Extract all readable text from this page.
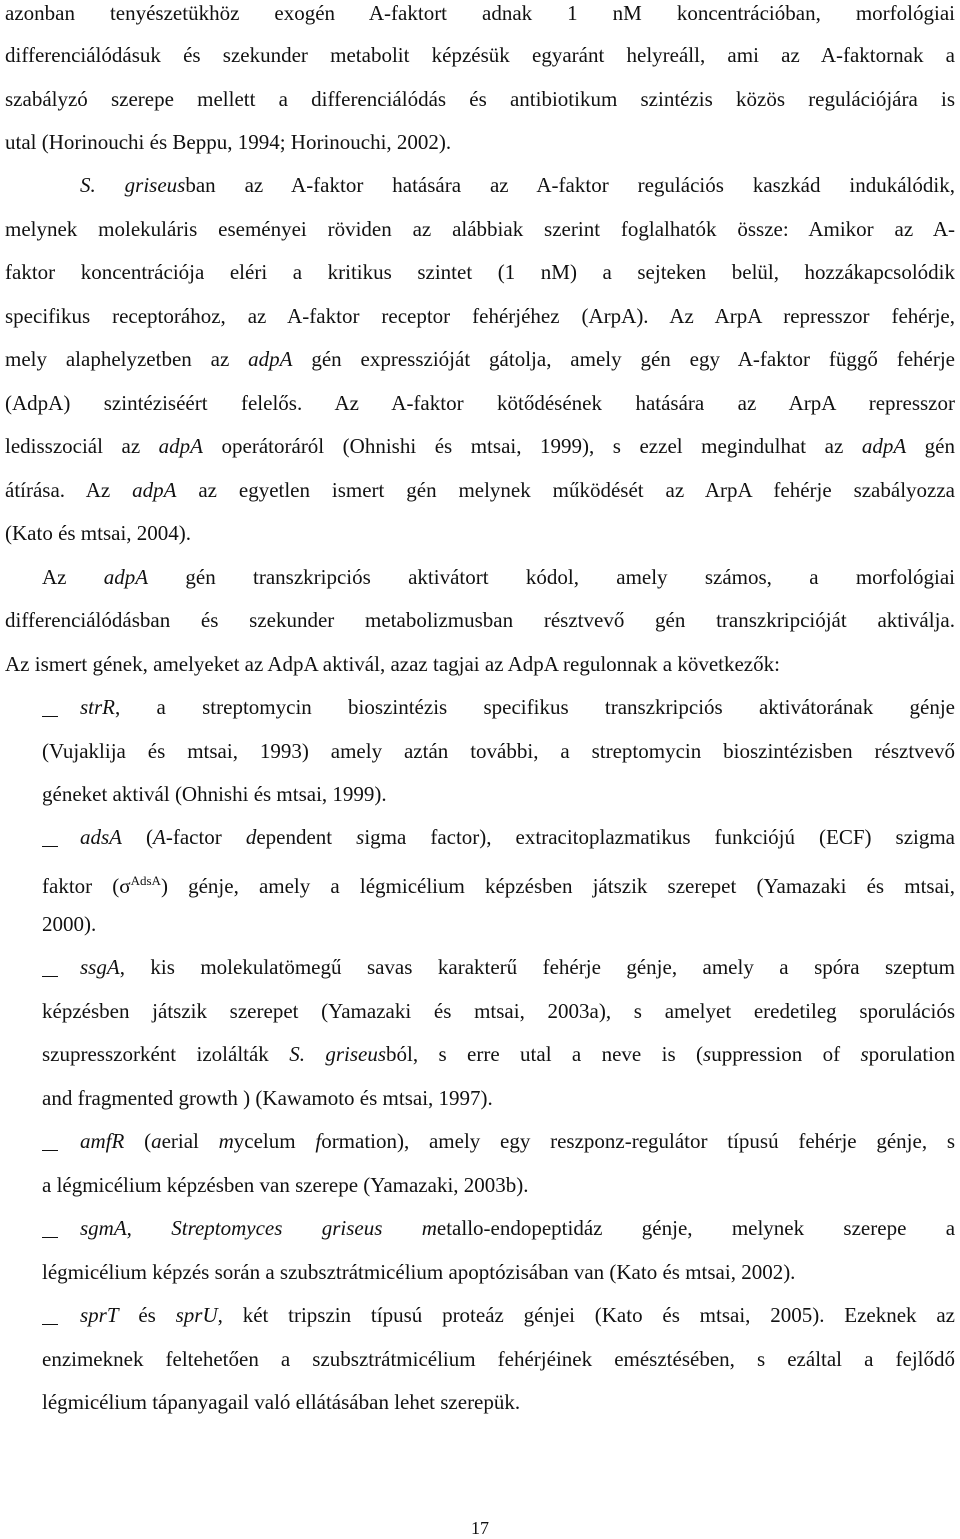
azonban tenyészetükhöz exogén A-faktort adnak 1 nM koncentrációban, morfológiai
differenciálódásuk és szekunder metabolit képzésük egyaránt helyreáll, ami az A-faktornak a
szabályzó szerepe mellett a differenciálódás és antibiotikum szintézis közös regulációjára is
utal (Horinouchi és Beppu, 1994; Horinouchi, 2002).
S. griseusban az A-faktor hatására az A-faktor regulációs kaszkád indukálódik,
melynek molekuláris eseményei röviden az alábbiak szerint foglalhatók össze: Amikor az A-
faktor koncentrációja eléri a kritikus szintet (1 nM) a sejteken belül, hozzákapcsolódik
specifikus receptorához, az A-faktor receptor fehérjéhez (ArpA). Az ArpA represszor fehérje,
mely alaphelyzetben az adpA gén expresszióját gátolja, amely gén egy A-faktor függő fehérje
(AdpA) szintéziséért felelős. Az A-faktor kötődésének hatására az ArpA represszor
ledisszociál az adpA operátoráról (Ohnishi és mtsai, 1999), s ezzel megindulhat az adpA gén
átírása. Az adpA az egyetlen ismert gén melynek működését az ArpA fehérje szabályozza
(Kato és mtsai, 2004).
Az adpA gén transzkripciós aktivátort kódol, amely számos, a morfológiai
differenciálódásban és szekunder metabolizmusban résztvevő gén transzkripcióját aktiválja.
Az ismert gének, amelyeket az AdpA aktivál, azaz tagjai az AdpA regulonnak a következők:
strR, a streptomycin bioszintézis specifikus transzkripciós aktivátorának génje
(Vujaklija és mtsai, 1993) amely aztán további, a streptomycin bioszintézisben résztvevő
géneket aktivál (Ohnishi és mtsai, 1999).
adsA (A-factor dependent sigma factor), extracitoplazmatikus funkciójú (ECF) szigma
faktor $(\sigma^{AdsA})$ génje, amely a légmicélium képzésben játszik szerepet (Yamazaki és mtsai,
2000).
ssgA, kis molekulatömegű savas karakterű fehérje génje, amely a spóra szeptum
képzésben játszik szerepet (Yamazaki és mtsai, 2003a), s amelyet eredetileg sporulációs
szupresszorként izolálták S. griseusból, s erre utal a neve is (suppression of sporulation
and fragmented growth ) (Kawamoto és mtsai, 1997).
amfR (aerial mycelum formation), amely egy reszponz-regulátor típusú fehérje génje, s
a légmicélium képzésben van szerepe (Yamazaki, 2003b).
sgmA, Streptomyces griseus metallo-endopeptidáz génje, melynek szerepe a
légmicélium képzés során a szubsztrátmicélium apoptózisában van (Kato és mtsai, 2002).
sprT és sprU, két tripszin típusú proteáz génjei (Kato és mtsai, 2005). Ezeknek az
enzimeknek feltehetően a szubsztrátmicélium fehérjéinek emésztésében, s ezáltal a fejlődő
légmicélium tápanyagail való ellátásában lehet szerepük.
17
